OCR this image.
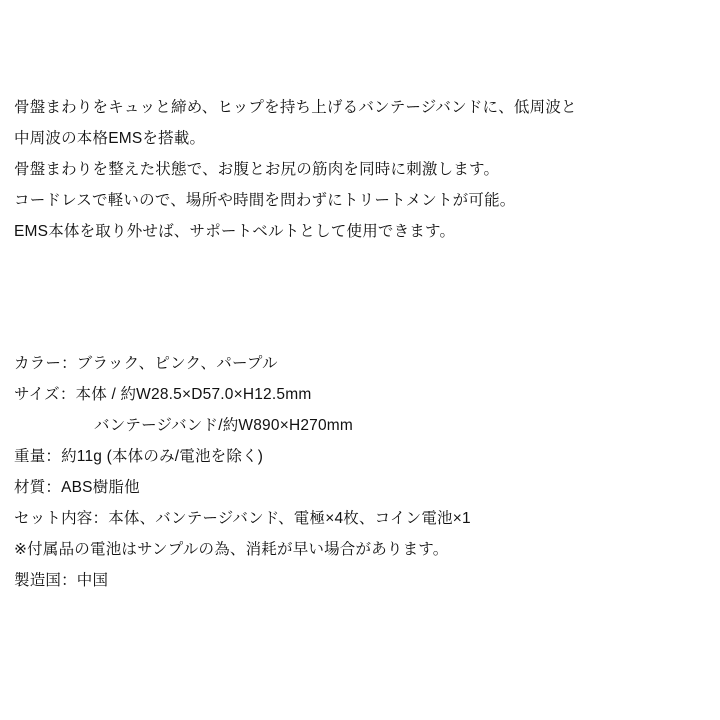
骨盤まわりをキュッと締め、ヒップを持ち上げるバンテージバンドに、低周波と
中周波の本格EMSを搭載。
骨盤まわりを整えた状態で、お腹とお尻の筋肉を同時に刺激します。
コードレスで軽いので、場所や時間を問わずにトリートメントが可能。
EMS本体を取り外せば、サポートベルトとして使用できます。
カラー：ブラック、ピンク、パープル
サイズ：本体 / 約W28.5×D57.0×H12.5mm
バンテージバンド/約W890×H270mm
重量：約11g (本体のみ/電池を除く)
材質：ABS樹脂他
セット内容：本体、バンテージバンド、電極×4枚、コイン電池×1
※付属品の電池はサンプルの為、消耗が早い場合があります。
製造国：中国
